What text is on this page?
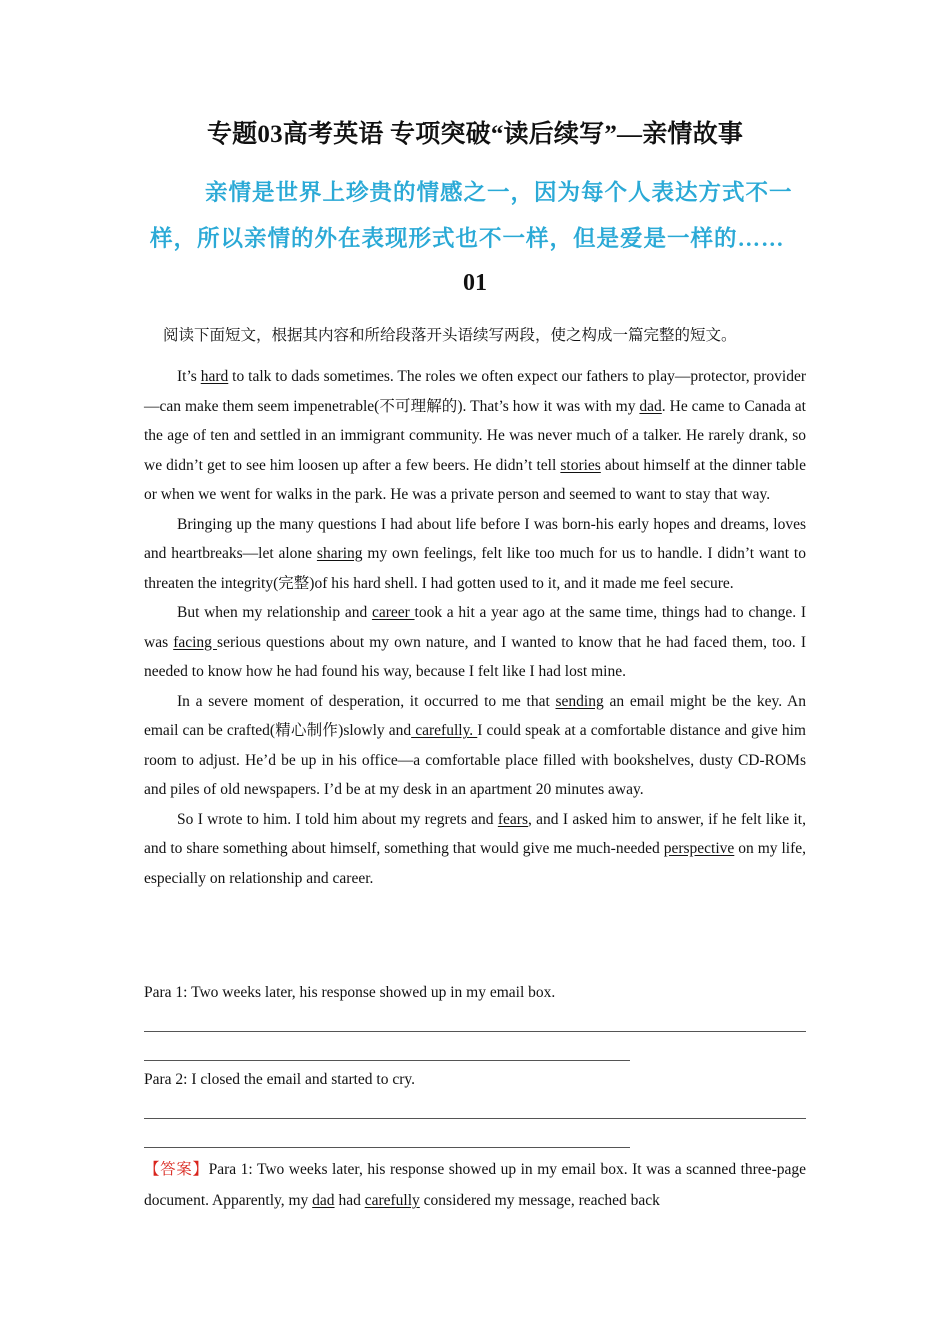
专题03高考英语 专项突破“读后续写”—亲情故事
亲情是世界上珍贵的情感之一，因为每个人表达方式不一样，所以亲情的外在表现形式也不一样，但是爱是一样的……
01
阅读下面短文，根据其内容和所给段落开头语续写两段，使之构成一篇完整的短文。

It’s hard to talk to dads sometimes. The roles we often expect our fathers to play—protector, provider—can make them seem impenetrable(不可理解的). That’s how it was with my dad. He came to Canada at the age of ten and settled in an immigrant community. He was never much of a talker. He rarely drank, so we didn’t get to see him loosen up after a few beers. He didn’t tell stories about himself at the dinner table or when we went for walks in the park. He was a private person and seemed to want to stay that way.

Bringing up the many questions I had about life before I was born-his early hopes and dreams, loves and heartbreaks—let alone sharing my own feelings, felt like too much for us to handle. I didn’t want to threaten the integrity(完整)of his hard shell. I had gotten used to it, and it made me feel secure.

But when my relationship and career took a hit a year ago at the same time, things had to change. I was facing serious questions about my own nature, and I wanted to know that he had faced them, too. I needed to know how he had found his way, because I felt like I had lost mine.

In a severe moment of desperation, it occurred to me that sending an email might be the key. An email can be crafted(精心制作)slowly and carefully. I could speak at a comfortable distance and give him room to adjust. He’d be up in his office—a comfortable place filled with bookshelves, dusty CD-ROMs and piles of old newspapers. I’d be at my desk in an apartment 20 minutes away.

So I wrote to him. I told him about my regrets and fears, and I asked him to answer, if he felt like it, and to share something about himself, something that would give me much-needed perspective on my life, especially on relationship and career.

Para 1: Two weeks later, his response showed up in my email box.
Para 2: I closed the email and started to cry.
【答案】Para 1: Two weeks later, his response showed up in my email box. It was a scanned three-page document. Apparently, my dad had carefully considered my message, reached back
